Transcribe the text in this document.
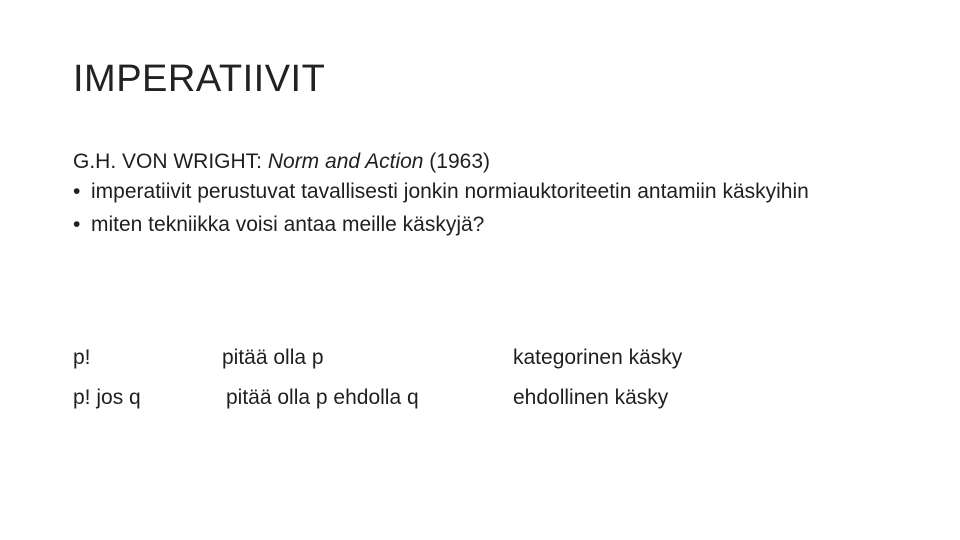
IMPERATIIVIT
G.H. VON WRIGHT: Norm and Action (1963)
• imperatiivit perustuvat tavallisesti jonkin normiauktoriteetin antamiin käskyihin
• miten tekniikka voisi antaa meille käskyjä?
p!	pitää olla p	kategorinen käsky
p! jos q	pitää olla p ehdolla q	ehdollinen käsky
